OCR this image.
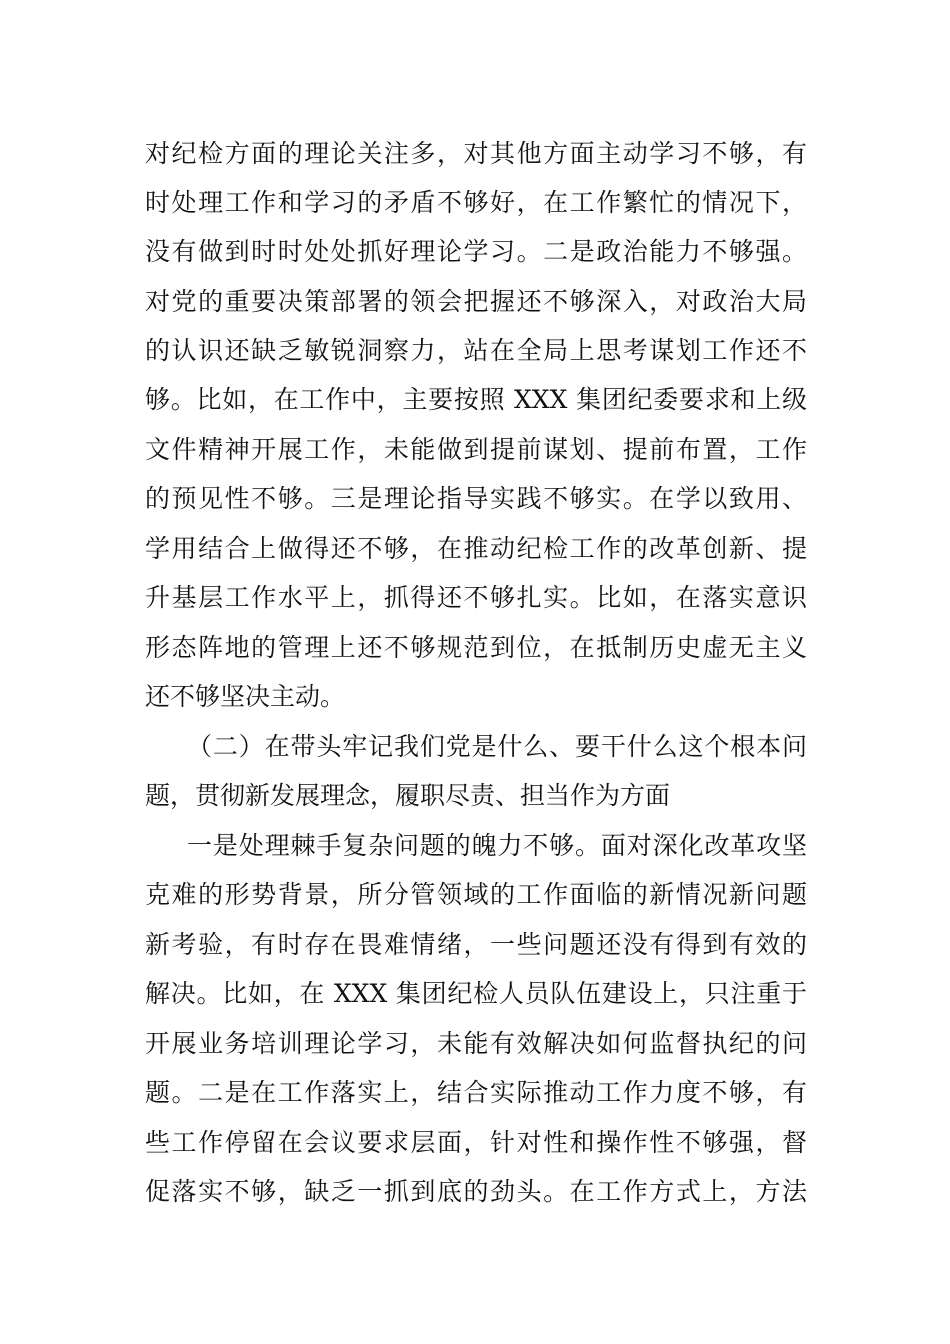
对纪检方面的理论关注多，对其他方面主动学习不够，有
时处理工作和学习的矛盾不够好，在工作繁忙的情况下，
没有做到时时处处抓好理论学习。二是政治能力不够强。
对党的重要决策部署的领会把握还不够深入，对政治大局
的认识还缺乏敏锐洞察力，站在全局上思考谋划工作还不
够。比如，在工作中，主要按照 XXX 集团纪委要求和上级
文件精神开展工作，未能做到提前谋划、提前布置，工作
的预见性不够。三是理论指导实践不够实。在学以致用、
学用结合上做得还不够，在推动纪检工作的改革创新、提
升基层工作水平上，抓得还不够扎实。比如，在落实意识
形态阵地的管理上还不够规范到位，在抵制历史虚无主义
还不够坚决主动。
（二）在带头牢记我们党是什么、要干什么这个根本问
题，贯彻新发展理念，履职尽责、担当作为方面
一是处理棘手复杂问题的魄力不够。面对深化改革攻坚
克难的形势背景，所分管领域的工作面临的新情况新问题
新考验，有时存在畏难情绪，一些问题还没有得到有效的
解决。比如，在 XXX 集团纪检人员队伍建设上，只注重于
开展业务培训理论学习，未能有效解决如何监督执纪的问
题。二是在工作落实上，结合实际推动工作力度不够，有
些工作停留在会议要求层面，针对性和操作性不够强，督
促落实不够，缺乏一抓到底的劲头。在工作方式上，方法
